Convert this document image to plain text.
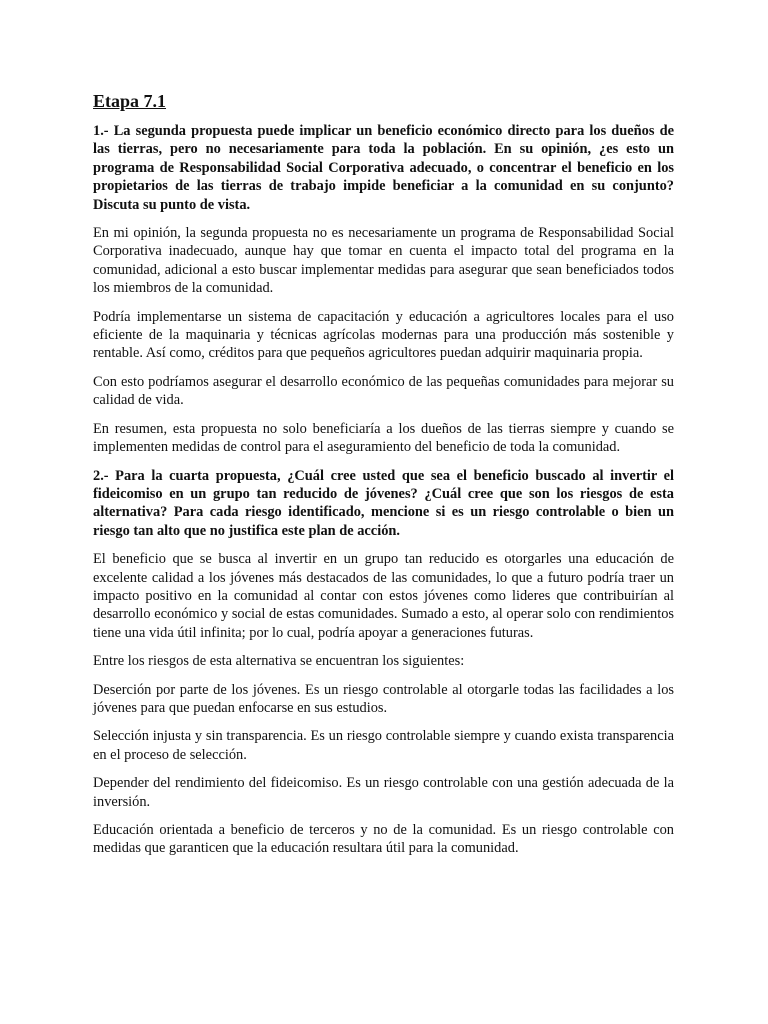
Etapa 7.1

1.- La segunda propuesta puede implicar un beneficio económico directo para los dueños de las tierras, pero no necesariamente para toda la población. En su opinión, ¿es esto un programa de Responsabilidad Social Corporativa adecuado, o concentrar el beneficio en los propietarios de las tierras de trabajo impide beneficiar a la comunidad en su conjunto? Discuta su punto de vista.

En mi opinión, la segunda propuesta no es necesariamente un programa de Responsabilidad Social Corporativa inadecuado, aunque hay que tomar en cuenta el impacto total del programa en la comunidad, adicional a esto buscar implementar medidas para asegurar que sean beneficiados todos los miembros de la comunidad.

Podría implementarse un sistema de capacitación y educación a agricultores locales para el uso eficiente de la maquinaria y técnicas agrícolas modernas para una producción más sostenible y rentable. Así como, créditos para que pequeños agricultores puedan adquirir maquinaria propia.

Con esto podríamos asegurar el desarrollo económico de las pequeñas comunidades para mejorar su calidad de vida.

En resumen, esta propuesta no solo beneficiaría a los dueños de las tierras siempre y cuando se implementen medidas de control para el aseguramiento del beneficio de toda la comunidad.

2.- Para la cuarta propuesta, ¿Cuál cree usted que sea el beneficio buscado al invertir el fideicomiso en un grupo tan reducido de jóvenes? ¿Cuál cree que son los riesgos de esta alternativa? Para cada riesgo identificado, mencione si es un riesgo controlable o bien un riesgo tan alto que no justifica este plan de acción.

El beneficio que se busca al invertir en un grupo tan reducido es otorgarles una educación de excelente calidad a los jóvenes más destacados de las comunidades, lo que a futuro podría traer un impacto positivo en la comunidad al contar con estos jóvenes como lideres que contribuirían al desarrollo económico y social de estas comunidades. Sumado a esto, al operar solo con rendimientos tiene una vida útil infinita; por lo cual, podría apoyar a generaciones futuras.

Entre los riesgos de esta alternativa se encuentran los siguientes:

Deserción por parte de los jóvenes. Es un riesgo controlable al otorgarle todas las facilidades a los jóvenes para que puedan enfocarse en sus estudios.

Selección injusta y sin transparencia. Es un riesgo controlable siempre y cuando exista transparencia en el proceso de selección.

Depender del rendimiento del fideicomiso. Es un riesgo controlable con una gestión adecuada de la inversión.

Educación orientada a beneficio de terceros y no de la comunidad. Es un riesgo controlable con medidas que garanticen que la educación resultara útil para la comunidad.
